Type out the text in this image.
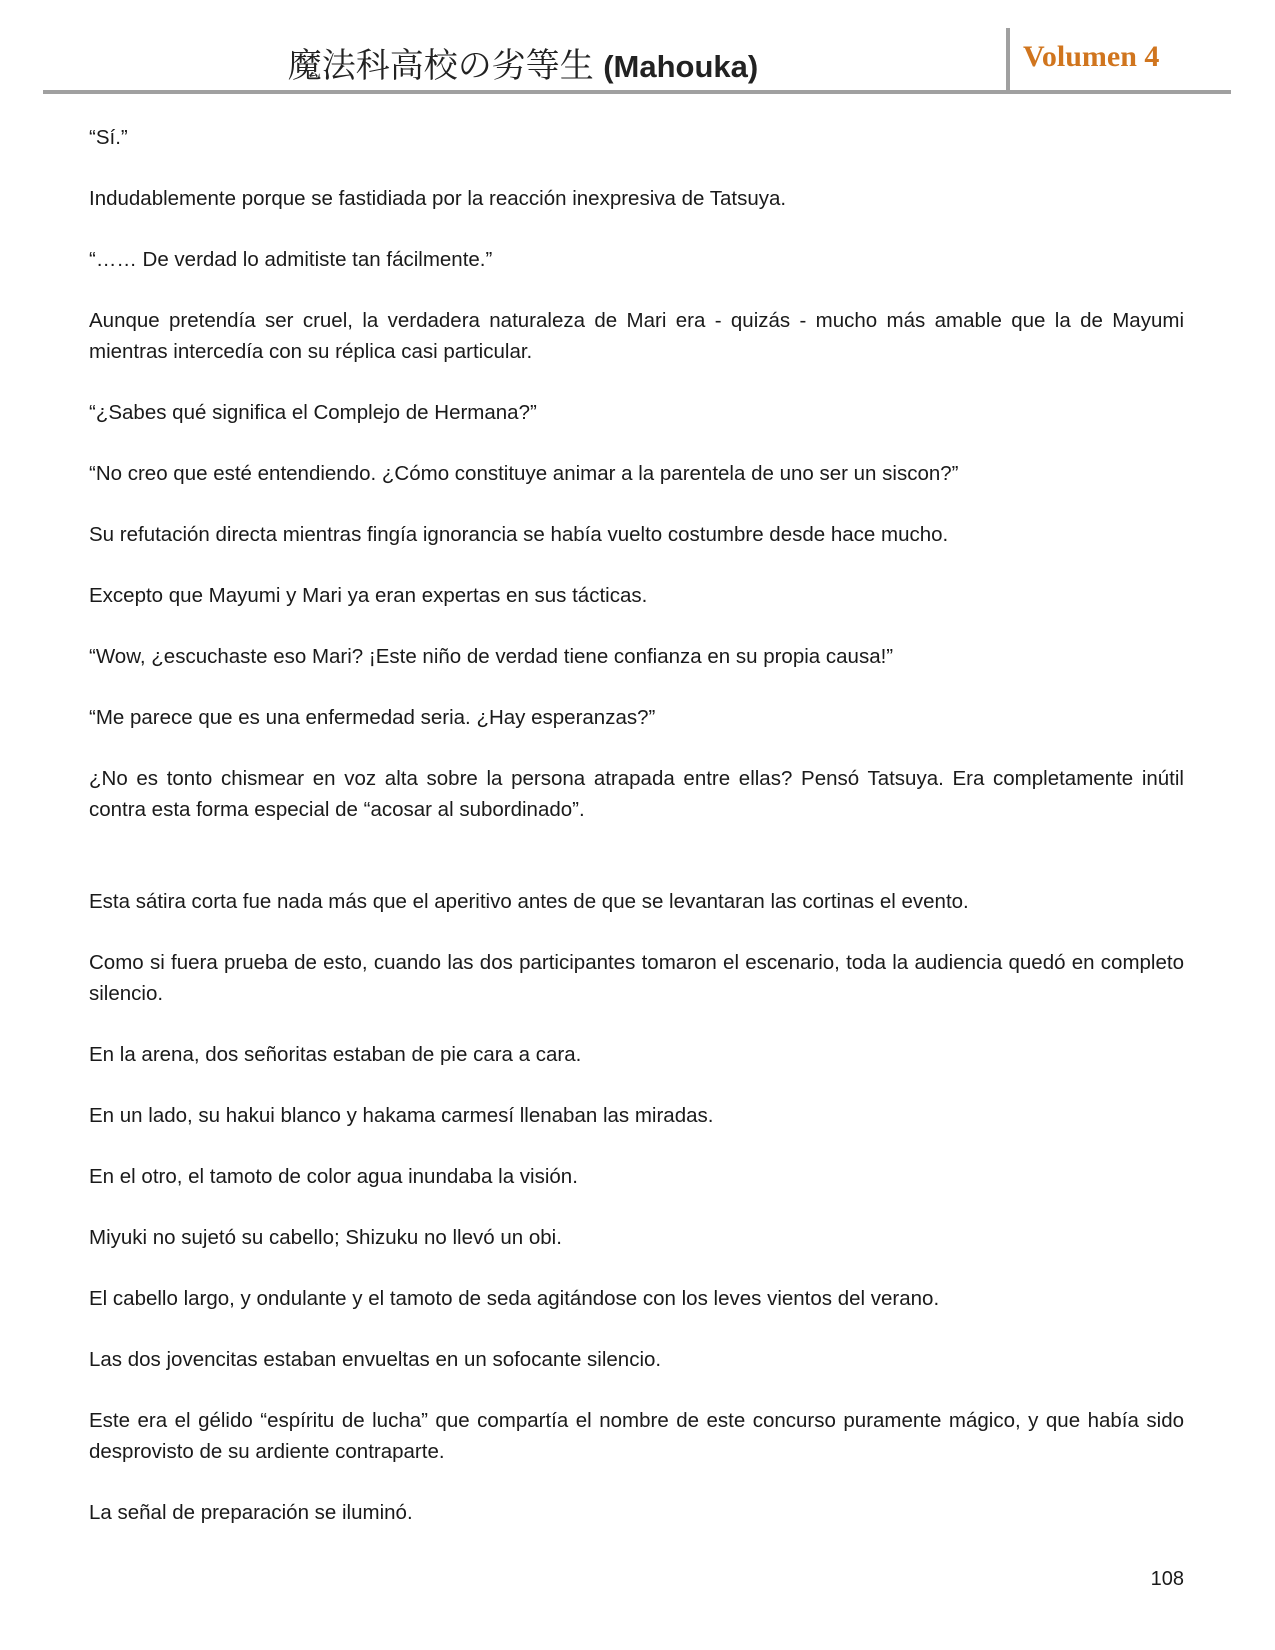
魔法科高校の劣等生 (Mahouka)	Volumen 4

“Sí.”

Indudablemente porque se fastidiada por la reacción inexpresiva de Tatsuya.

“…… De verdad lo admitiste tan fácilmente.”

Aunque pretendía ser cruel, la verdadera naturaleza de Mari era - quizás - mucho más amable que la de Mayumi mientras intercedía con su réplica casi particular.

“¿Sabes qué significa el Complejo de Hermana?”

“No creo que esté entendiendo. ¿Cómo constituye animar a la parentela de uno ser un siscon?”

Su refutación directa mientras fingía ignorancia se había vuelto costumbre desde hace mucho.

Excepto que Mayumi y Mari ya eran expertas en sus tácticas.

“Wow, ¿escuchaste eso Mari? ¡Este niño de verdad tiene confianza en su propia causa!”

“Me parece que es una enfermedad seria. ¿Hay esperanzas?”

¿No es tonto chismear en voz alta sobre la persona atrapada entre ellas? Pensó Tatsuya. Era completamente inútil contra esta forma especial de “acosar al subordinado”.

Esta sátira corta fue nada más que el aperitivo antes de que se levantaran las cortinas el evento.

Como si fuera prueba de esto, cuando las dos participantes tomaron el escenario, toda la audiencia quedó en completo silencio.

En la arena, dos señoritas estaban de pie cara a cara.

En un lado, su hakui blanco y hakama carmesí llenaban las miradas.

En el otro, el tamoto de color agua inundaba la visión.

Miyuki no sujetó su cabello; Shizuku no llevó un obi.

El cabello largo, y ondulante y el tamoto de seda agitándose con los leves vientos del verano.

Las dos jovencitas estaban envueltas en un sofocante silencio.

Este era el gélido “espíritu de lucha” que compartía el nombre de este concurso puramente mágico, y que había sido desprovisto de su ardiente contraparte.

La señal de preparación se iluminó.

108
